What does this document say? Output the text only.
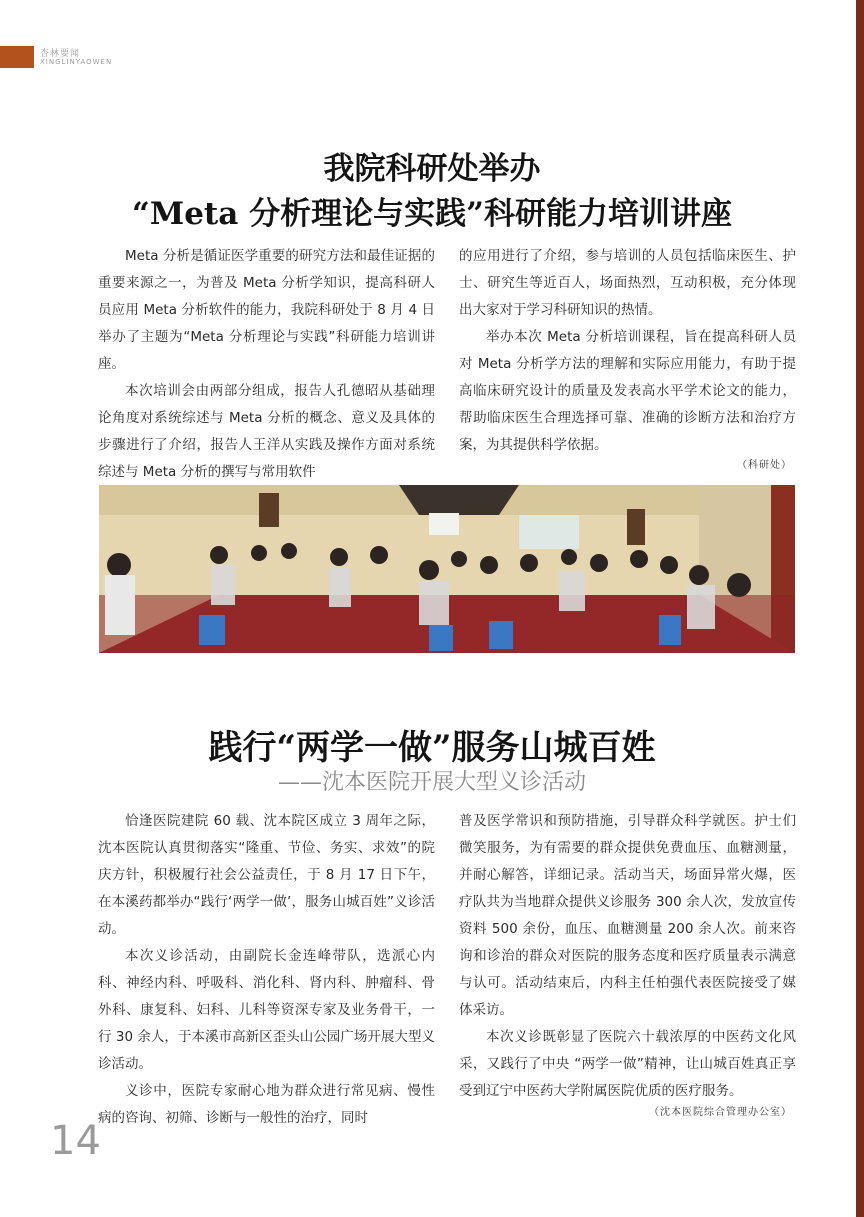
杏林要闻
XINGLINYAOWEN
我院科研处举办
“Meta 分析理论与实践”科研能力培训讲座

Meta 分析是循证医学重要的研究方法和最佳证据的重要来源之一，为普及 Meta 分析学知识，提高科研人员应用 Meta 分析软件的能力，我院科研处于 8 月 4 日举办了主题为“Meta 分析理论与实践”科研能力培训讲座。

本次培训会由两部分组成，报告人孔德昭从基础理论角度对系统综述与 Meta 分析的概念、意义及具体的步骤进行了介绍，报告人王洋从实践及操作方面对系统综述与 Meta 分析的撰写与常用软件

的应用进行了介绍，参与培训的人员包括临床医生、护士、研究生等近百人，场面热烈，互动积极，充分体现出大家对于学习科研知识的热情。

举办本次 Meta 分析培训课程，旨在提高科研人员对 Meta 分析学方法的理解和实际应用能力，有助于提高临床研究设计的质量及发表高水平学术论文的能力，帮助临床医生合理选择可靠、准确的诊断方法和治疗方案，为其提供科学依据。

（科研处）
践行“两学一做”服务山城百姓
——沈本医院开展大型义诊活动

恰逢医院建院 60 载、沈本院区成立 3 周年之际，沈本医院认真贯彻落实“隆重、节俭、务实、求效”的院庆方针，积极履行社会公益责任，于 8 月 17 日下午，在本溪药都举办“践行‘两学一做’，服务山城百姓”义诊活动。

本次义诊活动，由副院长金连峰带队，选派心内科、神经内科、呼吸科、消化科、肾内科、肿瘤科、骨外科、康复科、妇科、儿科等资深专家及业务骨干，一行 30 余人，于本溪市高新区歪头山公园广场开展大型义诊活动。

义诊中，医院专家耐心地为群众进行常见病、慢性病的咨询、初筛、诊断与一般性的治疗，同时

普及医学常识和预防措施，引导群众科学就医。护士们微笑服务，为有需要的群众提供免费血压、血糖测量，并耐心解答，详细记录。活动当天，场面异常火爆，医疗队共为当地群众提供义诊服务 300 余人次，发放宣传资料 500 余份，血压、血糖测量 200 余人次。前来咨询和诊治的群众对医院的服务态度和医疗质量表示满意与认可。活动结束后，内科主任柏强代表医院接受了媒体采访。

本次义诊既彰显了医院六十载浓厚的中医药文化风采，又践行了中央 “两学一做”精神，让山城百姓真正享受到辽宁中医药大学附属医院优质的医疗服务。

（沈本医院综合管理办公室）
14
